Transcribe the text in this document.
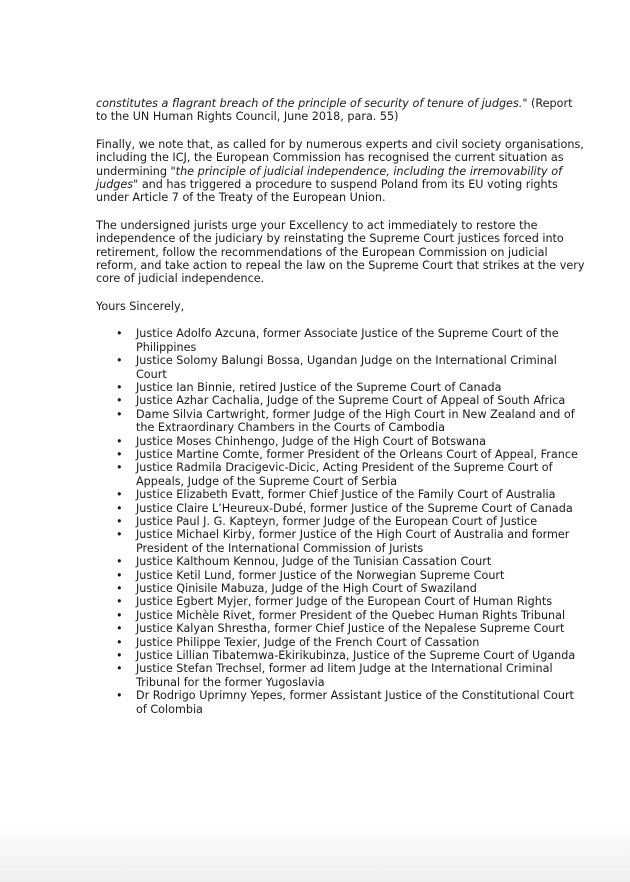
constitutes a flagrant breach of the principle of security of tenure of judges." (Report to the UN Human Rights Council, June 2018, para. 55)

Finally, we note that, as called for by numerous experts and civil society organisations, including the ICJ, the European Commission has recognised the current situation as undermining "the principle of judicial independence, including the irremovability of judges" and has triggered a procedure to suspend Poland from its EU voting rights under Article 7 of the Treaty of the European Union.

The undersigned jurists urge your Excellency to act immediately to restore the independence of the judiciary by reinstating the Supreme Court justices forced into retirement, follow the recommendations of the European Commission on judicial reform, and take action to repeal the law on the Supreme Court that strikes at the very core of judicial independence.

Yours Sincerely,

• Justice Adolfo Azcuna, former Associate Justice of the Supreme Court of the Philippines
• Justice Solomy Balungi Bossa, Ugandan Judge on the International Criminal Court
• Justice Ian Binnie, retired Justice of the Supreme Court of Canada
• Justice Azhar Cachalia, Judge of the Supreme Court of Appeal of South Africa
• Dame Silvia Cartwright, former Judge of the High Court in New Zealand and of the Extraordinary Chambers in the Courts of Cambodia
• Justice Moses Chinhengo, Judge of the High Court of Botswana
• Justice Martine Comte, former President of the Orleans Court of Appeal, France
• Justice Radmila Dracigevic-Dicic, Acting President of the Supreme Court of Appeals, Judge of the Supreme Court of Serbia
• Justice Elizabeth Evatt, former Chief Justice of the Family Court of Australia
• Justice Claire L’Heureux-Dubé, former Justice of the Supreme Court of Canada
• Justice Paul J. G. Kapteyn, former Judge of the European Court of Justice
• Justice Michael Kirby, former Justice of the High Court of Australia and former President of the International Commission of Jurists
• Justice Kalthoum Kennou, Judge of the Tunisian Cassation Court
• Justice Ketil Lund, former Justice of the Norwegian Supreme Court
• Justice Qinisile Mabuza, Judge of the High Court of Swaziland
• Justice Egbert Myjer, former Judge of the European Court of Human Rights
• Justice Michèle Rivet, former President of the Quebec Human Rights Tribunal
• Justice Kalyan Shrestha, former Chief Justice of the Nepalese Supreme Court
• Justice Philippe Texier, Judge of the French Court of Cassation
• Justice Lillian Tibatemwa-Ekirikubinza, Justice of the Supreme Court of Uganda
• Justice Stefan Trechsel, former ad litem Judge at the International Criminal Tribunal for the former Yugoslavia
• Dr Rodrigo Uprimny Yepes, former Assistant Justice of the Constitutional Court of Colombia
